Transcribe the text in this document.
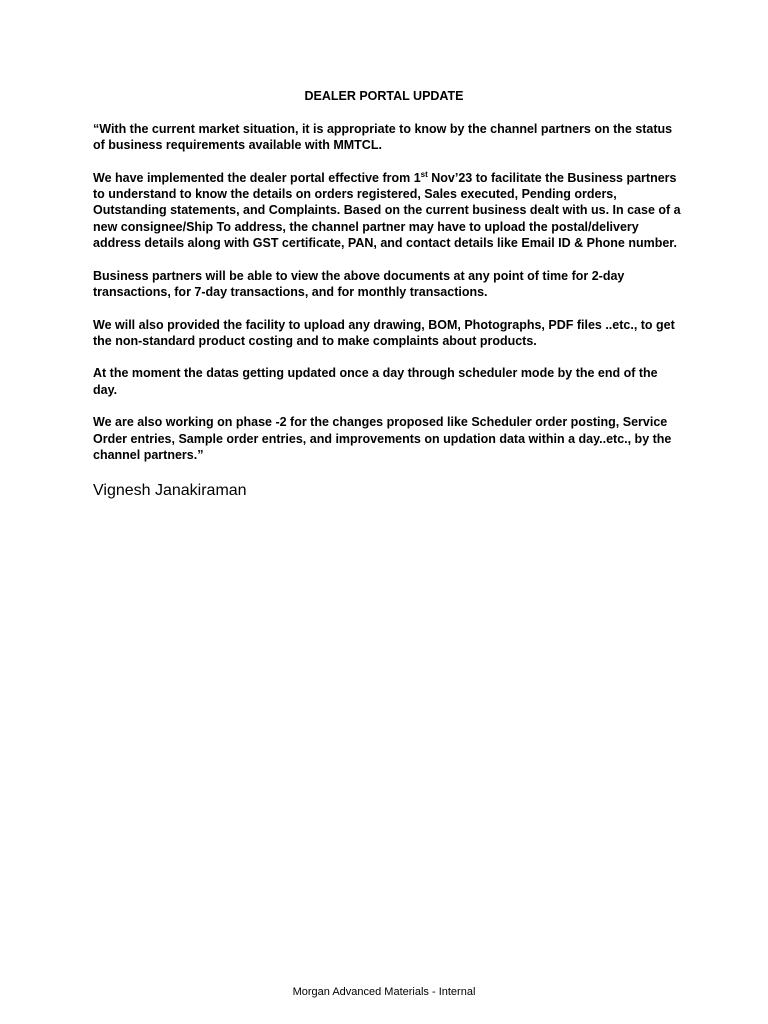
DEALER PORTAL UPDATE

“With the current market situation, it is appropriate to know by the channel partners on the status of business requirements available with MMTCL.

We have implemented the dealer portal effective from 1st Nov’23 to facilitate the Business partners to understand to know the details on orders registered, Sales executed, Pending orders, Outstanding statements, and Complaints. Based on the current business dealt with us. In case of a new consignee/Ship To address, the channel partner may have to upload the postal/delivery address details along with GST certificate, PAN, and contact details like Email ID & Phone number.

Business partners will be able to view the above documents at any point of time for 2-day transactions, for 7-day transactions, and for monthly transactions.

We will also provided the facility to upload any drawing, BOM, Photographs, PDF files ..etc., to get the non-standard product costing and to make complaints about products.

At the moment the datas getting updated once a day through scheduler mode by the end of the day.

We are also working on phase -2 for the changes proposed like Scheduler order posting, Service Order entries, Sample order entries, and improvements on updation data within a day..etc., by the channel partners.”

Vignesh Janakiraman
Morgan Advanced Materials - Internal
